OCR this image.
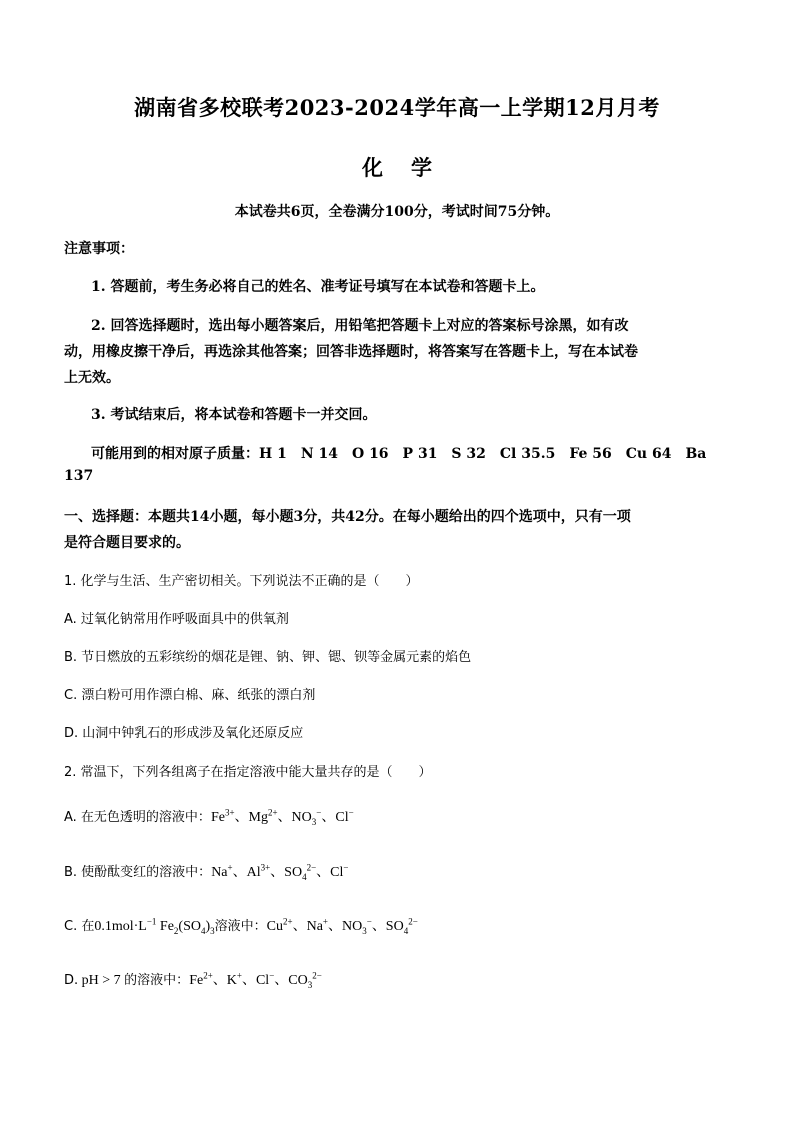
湖南省多校联考2023-2024学年高一上学期12月月考
化 学
本试卷共6页，全卷满分100分，考试时间75分钟。
注意事项：
1. 答题前，考生务必将自己的姓名、准考证号填写在本试卷和答题卡上。
2. 回答选择题时，选出每小题答案后，用铅笔把答题卡上对应的答案标号涂黑，如有改
动，用橡皮擦干净后，再选涂其他答案；回答非选择题时，将答案写在答题卡上，写在本试卷
上无效。
3. 考试结束后，将本试卷和答题卡一并交回。
可能用到的相对原子质量：H 1　N 14　O 16　P 31　S 32　Cl 35.5　Fe 56　Cu 64　Ba
137
一、选择题：本题共14小题，每小题3分，共42分。在每小题给出的四个选项中，只有一项
是符合题目要求的。
1. 化学与生活、生产密切相关。下列说法不正确的是（　　）
A. 过氧化钠常用作呼吸面具中的供氧剂
B. 节日燃放的五彩缤纷的烟花是锂、钠、钾、锶、钡等金属元素的焰色
C. 漂白粉可用作漂白棉、麻、纸张的漂白剂
D. 山洞中钟乳石的形成涉及氧化还原反应
2. 常温下，下列各组离子在指定溶液中能大量共存的是（　　）
A. 在无色透明的溶液中：$Fe^{3+}$、$Mg^{2+}$、$NO_3^-$、Cl−
B. 使酚酞变红的溶液中：Na+、$Al^{3+}$、$SO_4^{2-}$、Cl−
C. 在$0.1mol\cdot L^{-1}$ $Fe_2(SO_4)_3$溶液中：$Cu^{2+}$、Na+、$NO_3^-$、$SO_4^{2-}$
D. pH > 7 的溶液中：$Fe^{2+}$、K+、Cl−、$CO_3^{2-}$
